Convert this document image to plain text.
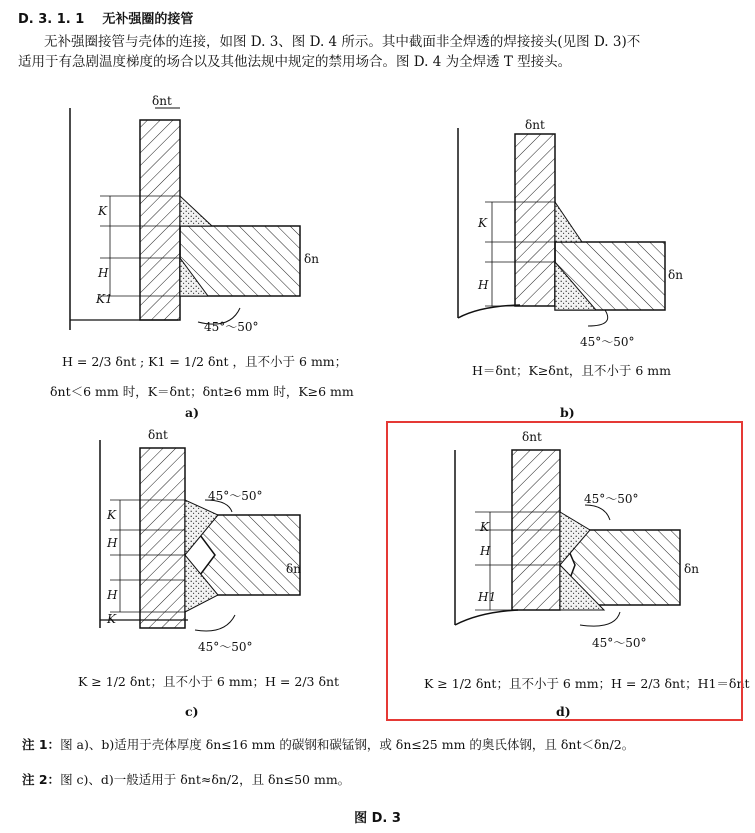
D. 3. 1. 1 无补强圈的接管
无补强圈接管与壳体的连接，如图 D. 3、图 D. 4 所示。其中截面非全焊透的焊接接头(见图 D. 3)不
适用于有急剧温度梯度的场合以及其他法规中规定的禁用场合。图 D. 4 为全焊透 T 型接头。
δnt
K
H
K1
δn
45°～50°
δnt
K
H
δn
45°～50°
δnt
K
H
H
K
δn
45°～50°
45°～50°
δnt
K
H
H1
δn
45°～50°
45°～50°
H = 2/3 δnt ; K1 = 1/2 δnt ，且不小于 6 mm；
δnt＜6 mm 时，K＝δnt；δnt≥6 mm 时，K≥6 mm
a)
H＝δnt；K≥δnt，且不小于 6 mm
b)
K ≥ 1/2 δnt；且不小于 6 mm；H = 2/3 δnt
c)
K ≥ 1/2 δnt；且不小于 6 mm；H = 2/3 δnt；H1＝δnt
d)
注 1：图 a)、b)适用于壳体厚度 δn≤16 mm 的碳钢和碳锰钢，或 δn≤25 mm 的奥氏体钢，且 δnt＜δn/2。
注 2：图 c)、d)一般适用于 δnt≈δn/2，且 δn≤50 mm。
图 D. 3
